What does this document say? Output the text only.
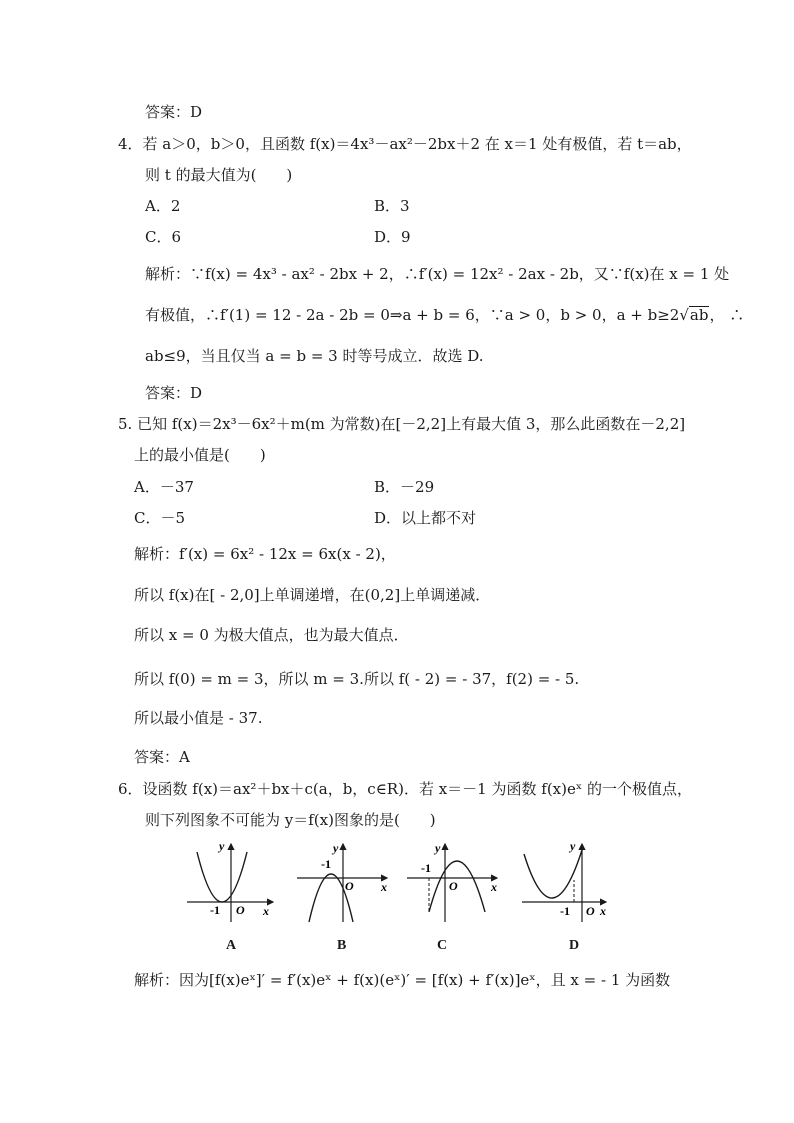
答案：D
4．若 a＞0，b＞0，且函数 f(x)＝4x³－ax²－2bx＋2 在 x＝1 处有极值，若 t＝ab，
则 t 的最大值为(　　)
A．2	B．3
C．6	D．9
解析：∵f(x) = 4x³ - ax² - 2bx + 2，∴f′(x) = 12x² - 2ax - 2b，又∵f(x)在 x = 1 处
有极值，∴f′(1) = 12 - 2a - 2b = 0⇒a + b = 6，∵a > 0，b > 0，a + b≥2√ab， ∴
ab≤9，当且仅当 a = b = 3 时等号成立．故选 D.
答案：D
5. 已知 f(x)＝2x³－6x²＋m(m 为常数)在[－2,2]上有最大值 3，那么此函数在－2,2]
上的最小值是(　　)
A．－37	B．－29
C．－5	D．以上都不对
解析：f′(x) = 6x² - 12x = 6x(x - 2)，
所以 f(x)在[ - 2,0]上单调递增，在(0,2]上单调递减．
所以 x = 0 为极大值点，也为最大值点．
所以 f(0) = m = 3，所以 m = 3.所以 f( - 2) = - 37，f(2) = - 5.
所以最小值是 - 37.
答案：A
6．设函数 f(x)＝ax²＋bx＋c(a，b，c∈R)．若 x＝－1 为函数 f(x)eˣ 的一个极值点，
则下列图象不可能为 y＝f(x)图象的是(　　)
y
x
O
-1
A
y
x
O
-1
B
y
x
O
-1
C
y
x
O
-1
D
解析：因为[f(x)eˣ]′ = f′(x)eˣ + f(x)(eˣ)′ = [f(x) + f′(x)]eˣ，且 x = - 1 为函数
